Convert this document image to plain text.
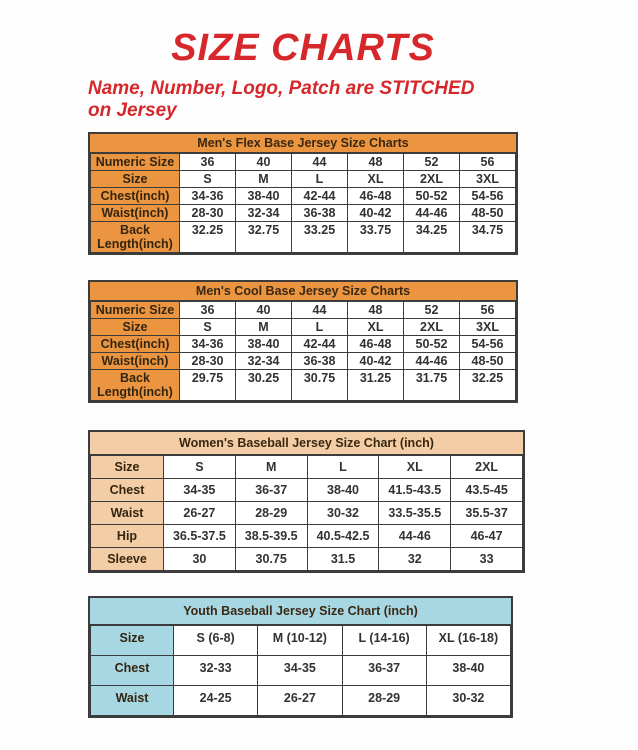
SIZE CHARTS
Name, Number, Logo, Patch are STITCHED
on Jersey
Men's Flex Base Jersey Size Charts
Numeric Size	36	40	44	48	52	56
Size	S	M	L	XL	2XL	3XL
Chest(inch)	34-36	38-40	42-44	46-48	50-52	54-56
Waist(inch)	28-30	32-34	36-38	40-42	44-46	48-50
Back Length(inch)	32.25	32.75	33.25	33.75	34.25	34.75
Men's Cool Base Jersey Size Charts
Numeric Size	36	40	44	48	52	56
Size	S	M	L	XL	2XL	3XL
Chest(inch)	34-36	38-40	42-44	46-48	50-52	54-56
Waist(inch)	28-30	32-34	36-38	40-42	44-46	48-50
Back Length(inch)	29.75	30.25	30.75	31.25	31.75	32.25
Women's Baseball Jersey Size Chart (inch)
Size	S	M	L	XL	2XL
Chest	34-35	36-37	38-40	41.5-43.5	43.5-45
Waist	26-27	28-29	30-32	33.5-35.5	35.5-37
Hip	36.5-37.5	38.5-39.5	40.5-42.5	44-46	46-47
Sleeve	30	30.75	31.5	32	33
Youth Baseball Jersey Size Chart (inch)
Size	S (6-8)	M (10-12)	L (14-16)	XL (16-18)
Chest	32-33	34-35	36-37	38-40
Waist	24-25	26-27	28-29	30-32
